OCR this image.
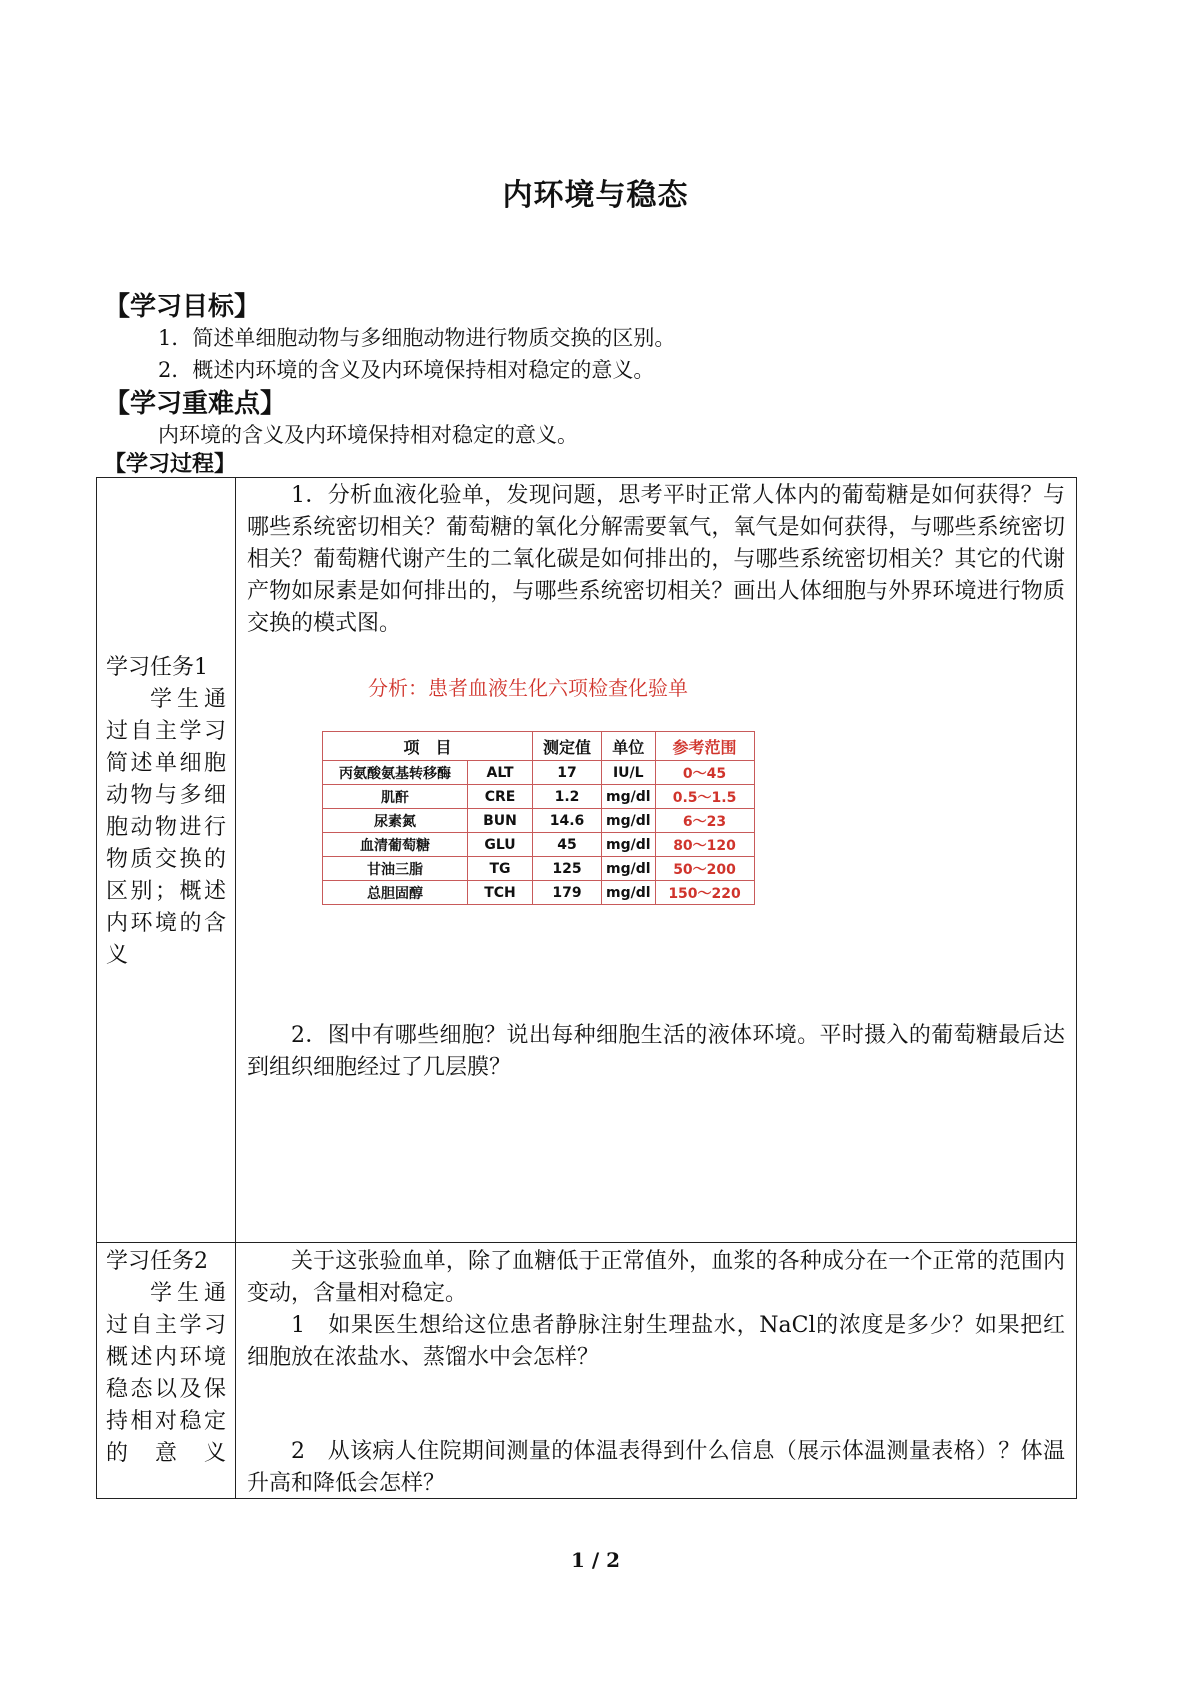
内环境与稳态
【学习目标】
1．简述单细胞动物与多细胞动物进行物质交换的区别。
2．概述内环境的含义及内环境保持相对稳定的意义。
【学习重难点】
内环境的含义及内环境保持相对稳定的意义。
【学习过程】
学习任务1
学生通过自主学习简述单细胞动物与多细胞动物进行物质交换的区别；概述内环境的含义
1．分析血液化验单，发现问题，思考平时正常人体内的葡萄糖是如何获得？与哪些系统密切相关？葡萄糖的氧化分解需要氧气，氧气是如何获得，与哪些系统密切相关？葡萄糖代谢产生的二氧化碳是如何排出的，与哪些系统密切相关？其它的代谢产物如尿素是如何排出的，与哪些系统密切相关？画出人体细胞与外界环境进行物质交换的模式图。
分析：患者血液生化六项检查化验单
项　目		测定值	单位	参考范围
丙氨酸氨基转移酶	ALT	17	IU/L	0～45
肌酐	CRE	1.2	mg/dl	0.5～1.5
尿素氮	BUN	14.6	mg/dl	6～23
血清葡萄糖	GLU	45	mg/dl	80～120
甘油三脂	TG	125	mg/dl	50～200
总胆固醇	TCH	179	mg/dl	150～220
2．图中有哪些细胞？说出每种细胞生活的液体环境。平时摄入的葡萄糖最后达到组织细胞经过了几层膜？
学习任务2
学生通过自主学习概述内环境稳态以及保持相对稳定的意义
关于这张验血单，除了血糖低于正常值外，血浆的各种成分在一个正常的范围内变动，含量相对稳定。
1　如果医生想给这位患者静脉注射生理盐水，NaCl的浓度是多少？如果把红细胞放在浓盐水、蒸馏水中会怎样？
2　从该病人住院期间测量的体温表得到什么信息（展示体温测量表格）？体温升高和降低会怎样？
1 / 2
